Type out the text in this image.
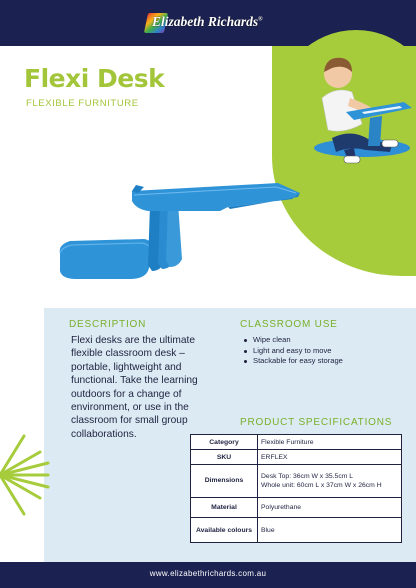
Elizabeth Richards®
Flexi Desk
FLEXIBLE FURNITURE
DESCRIPTION
Flexi desks are the ultimate flexible classroom desk – portable, lightweight and functional. Take the learning outdoors for a change of environment, or use in the classroom for small group collaborations.
CLASSROOM USE
Wipe clean
Light and easy to move
Stackable for easy storage
PRODUCT SPECIFICATIONS
Category	Flexible Furniture
SKU	ERFLEX
Dimensions	Desk Top: 36cm W x 35.5cm L
Whole unit: 60cm L x 37cm W x 26cm H

Material	Polyurethane
Available colours	Blue
www.elizabethrichards.com.au
